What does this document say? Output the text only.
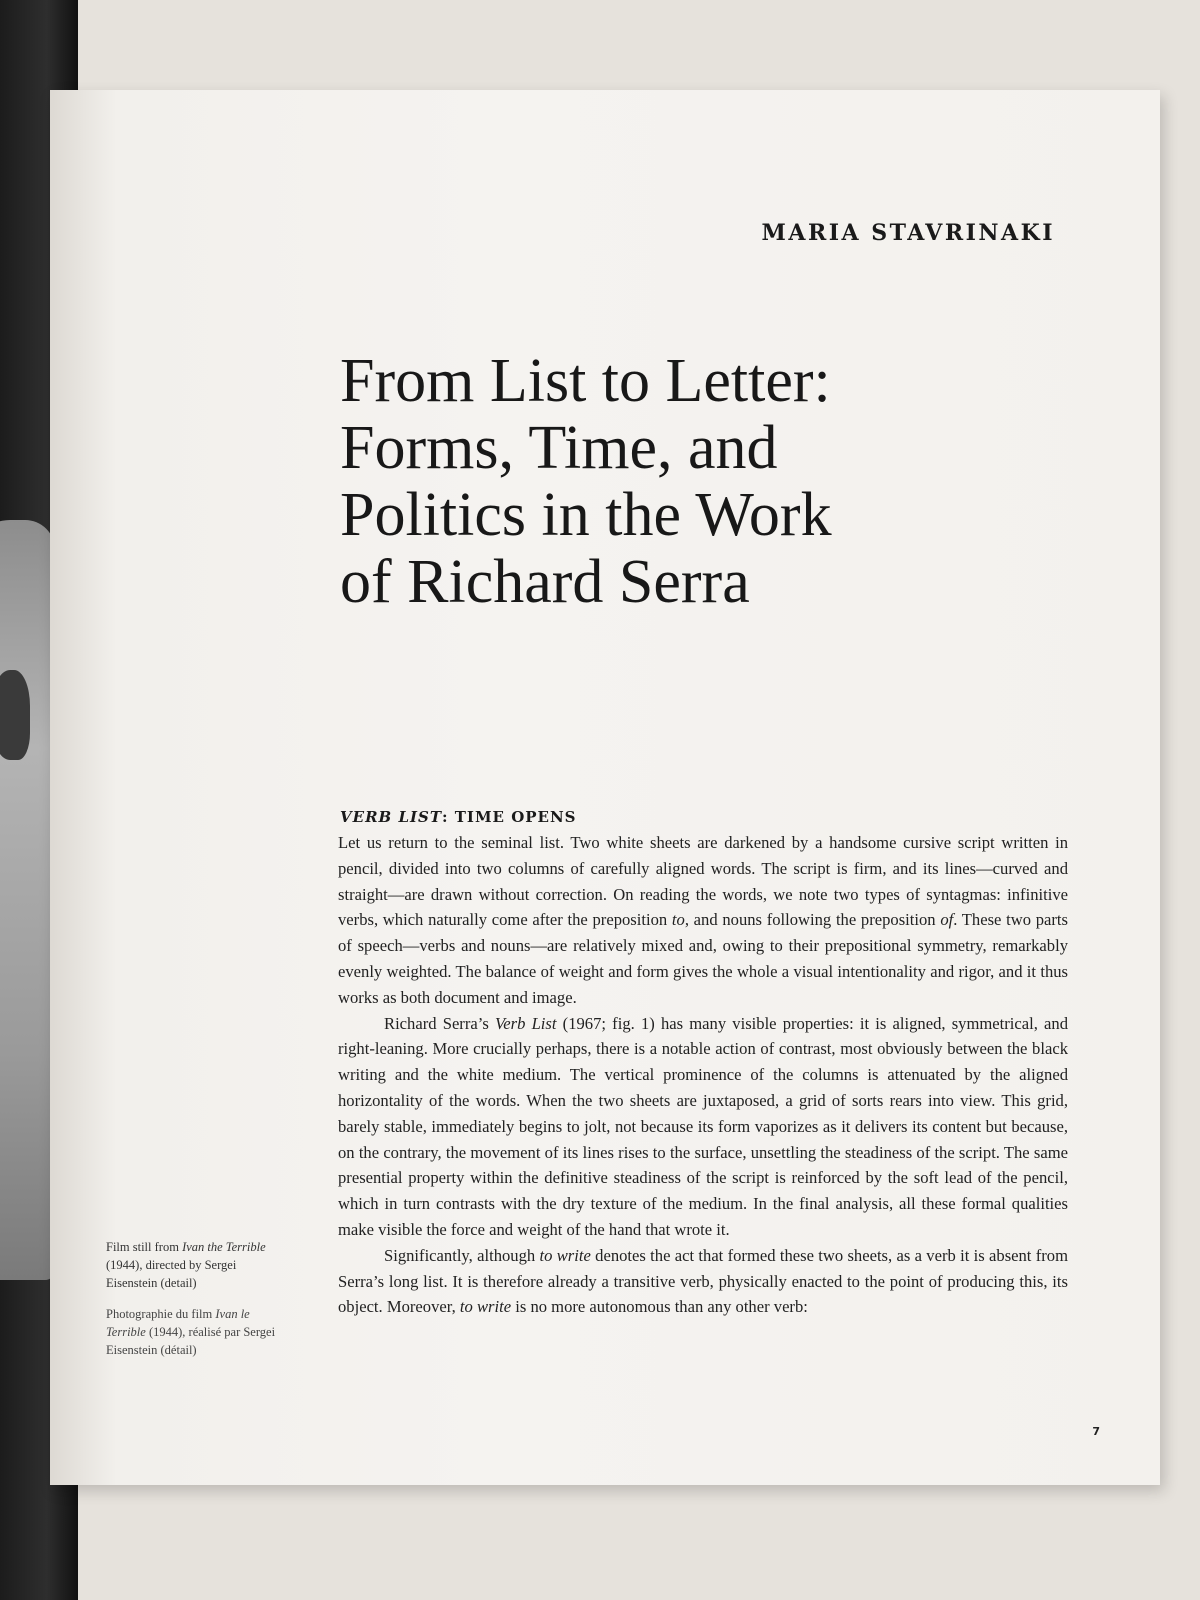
MARIA STAVRINAKI
From List to Letter:
Forms, Time, and
Politics in the Work
of Richard Serra
VERB LIST: TIME OPENS

Let us return to the seminal list. Two white sheets are darkened by a handsome cursive script written in pencil, divided into two columns of carefully aligned words. The script is firm, and its lines—curved and straight—are drawn without correction. On reading the words, we note two types of syntagmas: infinitive verbs, which naturally come after the preposition to, and nouns following the preposition of. These two parts of speech—verbs and nouns—are relatively mixed and, owing to their prepositional symmetry, remarkably evenly weighted. The balance of weight and form gives the whole a visual intentionality and rigor, and it thus works as both document and image.

Richard Serra’s Verb List (1967; fig. 1) has many visible properties: it is aligned, symmetrical, and right-leaning. More crucially perhaps, there is a notable action of contrast, most obviously between the black writing and the white medium. The vertical prominence of the columns is attenuated by the aligned horizontality of the words. When the two sheets are juxtaposed, a grid of sorts rears into view. This grid, barely stable, immediately begins to jolt, not because its form vaporizes as it delivers its content but because, on the contrary, the movement of its lines rises to the surface, unsettling the steadiness of the script. The same presential property within the definitive steadiness of the script is reinforced by the soft lead of the pencil, which in turn contrasts with the dry texture of the medium. In the final analysis, all these formal qualities make visible the force and weight of the hand that wrote it.

Significantly, although to write denotes the act that formed these two sheets, as a verb it is absent from Serra’s long list. It is therefore already a transitive verb, physically enacted to the point of producing this, its object. Moreover, to write is no more autonomous than any other verb:

Film still from Ivan the Terrible (1944), directed by Sergei Eisenstein (detail)

Photographie du film Ivan le Terrible (1944), réalisé par Sergei Eisenstein (détail)

7
